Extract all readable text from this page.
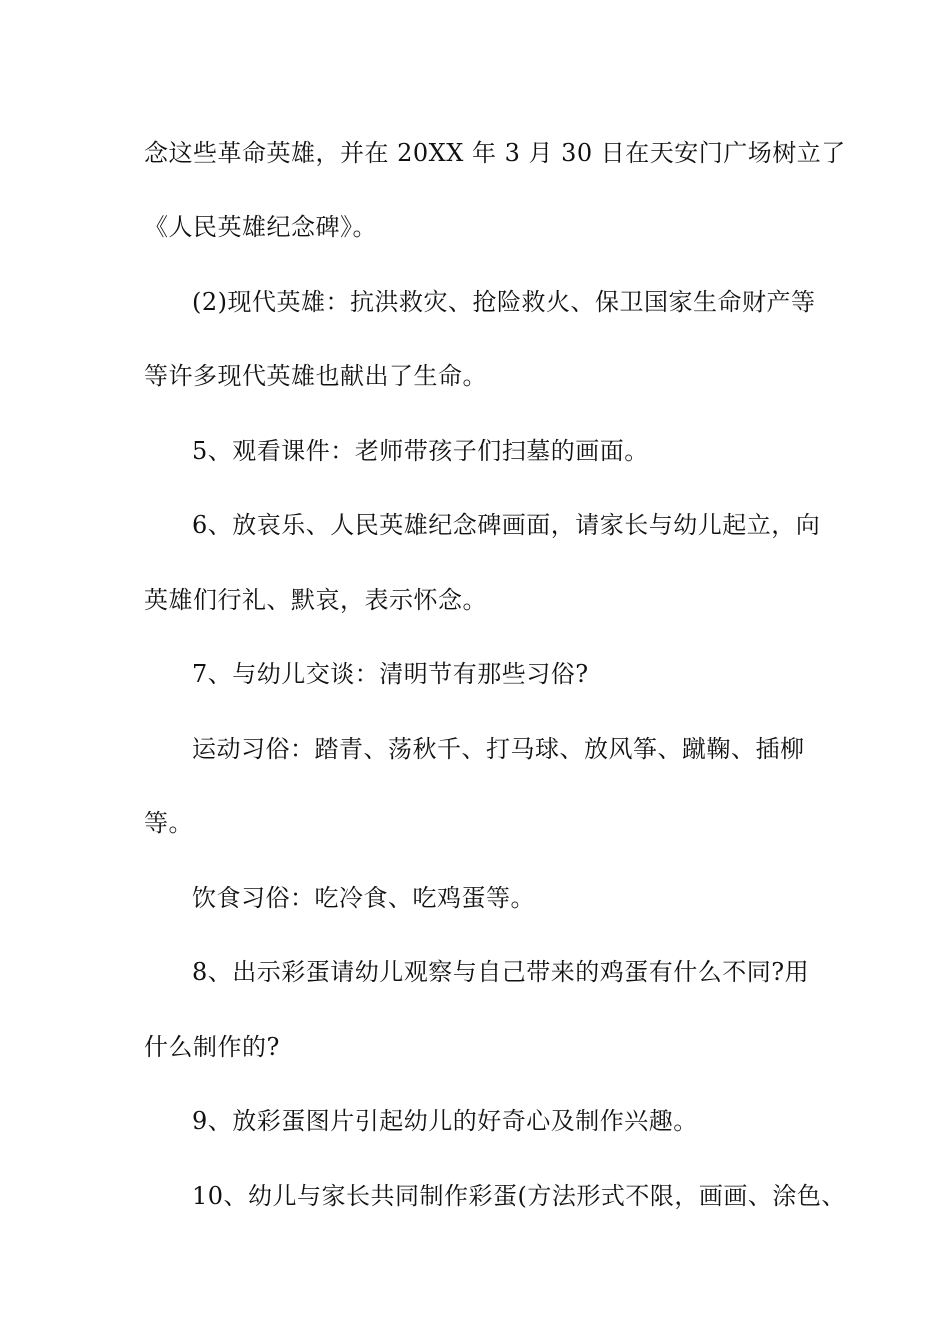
念这些革命英雄，并在 20XX 年 3 月 30 日在天安门广场树立了
《人民英雄纪念碑》。
(2)现代英雄：抗洪救灾、抢险救火、保卫国家生命财产等
等许多现代英雄也献出了生命。
5、观看课件：老师带孩子们扫墓的画面。
6、放哀乐、人民英雄纪念碑画面，请家长与幼儿起立，向
英雄们行礼、默哀，表示怀念。
7、与幼儿交谈：清明节有那些习俗?
运动习俗：踏青、荡秋千、打马球、放风筝、蹴鞠、插柳
等。
饮食习俗：吃冷食、吃鸡蛋等。
8、出示彩蛋请幼儿观察与自己带来的鸡蛋有什么不同?用
什么制作的?
9、放彩蛋图片引起幼儿的好奇心及制作兴趣。
10、幼儿与家长共同制作彩蛋(方法形式不限，画画、涂色、
